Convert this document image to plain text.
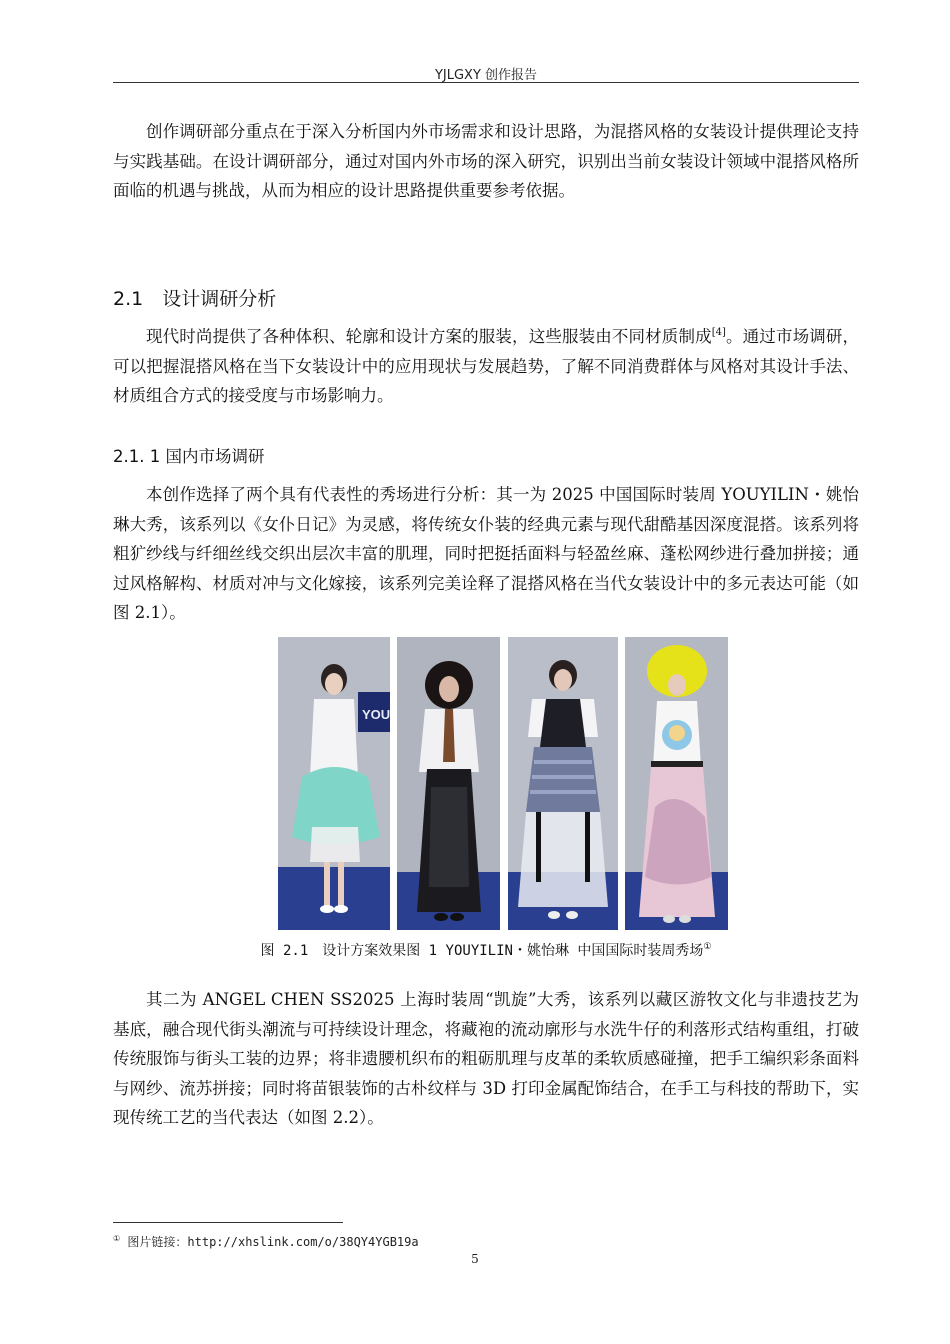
YJLGXY 创作报告

创作调研部分重点在于深入分析国内外市场需求和设计思路，为混搭风格的女装设计提供理论支持与实践基础。在设计调研部分，通过对国内外市场的深入研究，识别出当前女装设计领域中混搭风格所面临的机遇与挑战，从而为相应的设计思路提供重要参考依据。

2.1　设计调研分析

现代时尚提供了各种体积、轮廓和设计方案的服装，这些服装由不同材质制成[4]。通过市场调研，可以把握混搭风格在当下女装设计中的应用现状与发展趋势，了解不同消费群体与风格对其设计手法、材质组合方式的接受度与市场影响力。

2.1. 1 国内市场调研

本创作选择了两个具有代表性的秀场进行分析：其一为 2025 中国国际时装周 YOUYILIN・姚怡琳大秀，该系列以《女仆日记》为灵感，将传统女仆装的经典元素与现代甜酷基因深度混搭。该系列将粗犷纱线与纤细丝线交织出层次丰富的肌理，同时把挺括面料与轻盈丝麻、蓬松网纱进行叠加拼接；通过风格解构、材质对冲与文化嫁接，该系列完美诠释了混搭风格在当代女装设计中的多元表达可能（如图 2.1）。

YOU
图 2.1　设计方案效果图 1 YOUYILIN・姚怡琳 中国国际时装周秀场①

其二为 ANGEL CHEN SS2025 上海时装周“凯旋”大秀，该系列以藏区游牧文化与非遗技艺为基底，融合现代街头潮流与可持续设计理念，将藏袍的流动廓形与水洗牛仔的利落形式结构重组，打破传统服饰与街头工装的边界；将非遗腰机织布的粗砺肌理与皮革的柔软质感碰撞，把手工编织彩条面料与网纱、流苏拼接；同时将苗银装饰的古朴纹样与 3D 打印金属配饰结合，在手工与科技的帮助下，实现传统工艺的当代表达（如图 2.2）。

① 图片链接：http://xhslink.com/o/38QY4YGB19a
5
